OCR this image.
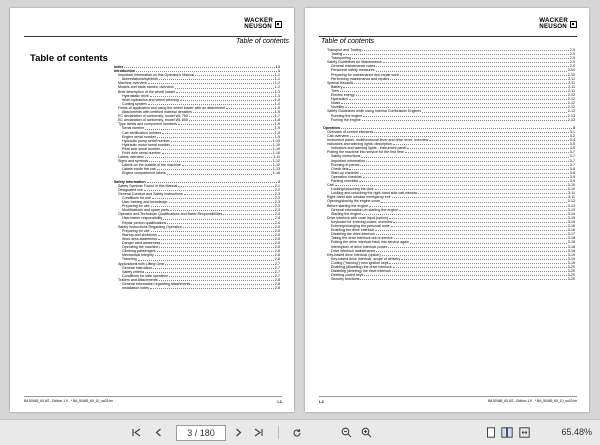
WACKER
NEUSON
Table of contents
Table of contents
Index	I-1
Introduction	1
Important information on this Operator's Manual	1-1
Abbreviations/symbols	1-1
Machine overview	1-2
Models and trade names; overview	1-2
Brief description of the wheel loader	1-3
Hydrostatic drive	1-3
Work hydraulics and wheel steering	1-3
Cooling system	1-4
Fields of application and using the wheel loader with an attachment	1-5
Attachments with certified material densities	1-5
EC declaration of conformity, model WL 750	1-7
EC declaration of conformity, model WL 850	1-8
Type labels and component numbers	1-9
Serial number	1-9
Cab certification number	1-9
Engine serial number	1-9
Hydraulic pump serial number	1-10
Hydraulic motor serial number	1-10
Rear axle serial number	1-10
Front axle serial number	1-10
Labels overview	1-11
Signs and symbols	1-12
Labels on the outside of the machine	1-12
Labels inside the cab	1-13
Engine compartment labels	1-16
Safety information	2
Safety Symbols Found in this Manual	2-1
Designated use	2-2
General Conduct and Safety Instructions	2-3
Conditions for use	2-3
User training and knowledge	2-3
Preparing for use	2-3
Modifications and spare parts	2-3
Operator and Technician Qualifications and Basic Responsibilities	2-4
User/owner responsibility	2-4
Repair person qualifications	2-4
Safety Instructions Regarding Operation	2-5
Preparing for use	2-5
Startup and shutdown	2-5
Work area awareness	2-5
Danger area awareness	2-5
Operating the machine	2-5
Climbing passengers	2-6
Mechanical integrity	2-6
Traveling	2-6
Applications with Lifting Gear	2-7
General instruction	2-7
Safety criteria	2-7
Conditions for safe operation	2-7
Trailers and Attachments	2-8
General information regarding attachments	2-8
Installation notes	2-8
BA 50465_60 US - Edition 1.0 - * BA_50465_60_10_us03.fm	I-1
WACKER
NEUSON
Table of contents
Transport and Towing	2-9
Towing	2-9
Transporting	2-9
Safety Guidelines for Maintenance	2-9
General maintenance notes	2-9
Personnel safety measures	2-10
Preparing for maintenance and repair work	2-10
Performing maintenance and repairs	2-11
Special Hazards	2-11
Battery	2-11
Tires	2-11
Electric energy	2-12
Hydraulics	2-12
Noise	2-12
Visibility	2-12
Safety Guidelines while using Internal Combustion Engines	2-13
Running the engine	2-13
Fueling the engine	2-13
Operation	3
Overview of control elements	3-1
Cab overview	3-2
Instrument panel, multifunctional lever and drive lever; overview	3-4
Indicators and warning lights: description	3-5
Indicators and warning lights - instrument panel	3-5
Putting the machine into service for the first time	3-7
Safety instructions	3-7
Important information	3-7
Running-in period	3-7
Check lists	3-8
Start-up checklist	3-8
Operation checklist	3-9
Parking checklist	3-9
Cab	3-10
Locking/unlocking the door	3-10
Locking and unlocking the right-hand side cab window	3-11
Right-hand side window emergency exit	3-11
Opening/closing the engine cover	3-12
Before starting the engine	3-13
General information on starting the engine	3-13
Starting the engine	3-14
Drive interlock with code input (option)	3-15
Keyboard for entering codes; overview	3-15
Entering/changing the personal code	3-16
Enabling the drive interlock	3-16
Disabling the drive interlock	3-17
Taking the drive interlock out of service	3-18
Putting the drive interlock back into service again	3-18
Interruption of drive interlock power	3-18
Drive interlock maintenance	3-18
Key-based drive interlock (option)	3-19
Key-based drive interlock: scope of delivery	3-19
Coding ("training") new ignition keys	3-19
Enabling (disabling) the drive interlock	3-20
Disabling (deleting) the drive interlock	3-20
Deleting coded keys	3-20
Security functions	3-20
I-2	BA 50465_60 US - Edition 1.0 - * BA_50465_60_10_us03.fm
3 / 180	65.48%
